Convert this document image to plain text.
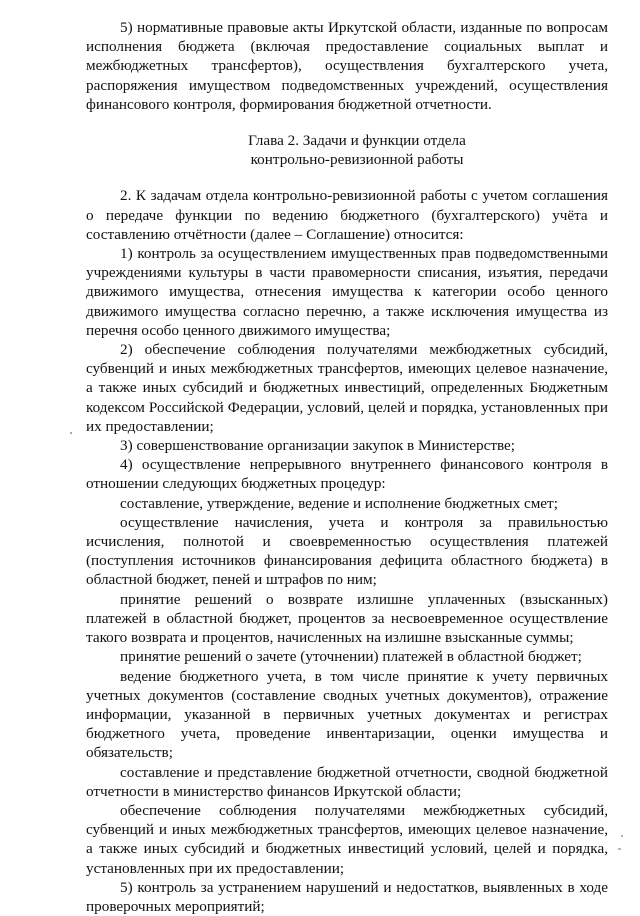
5) нормативные правовые акты Иркутской области, изданные по вопросам исполнения бюджета (включая предоставление социальных выплат и межбюджетных трансфертов), осуществления бухгалтерского учета, распоряжения имуществом подведомственных учреждений, осуществления финансового контроля, формирования бюджетной отчетности.

Глава 2. Задачи и функции отдела
контрольно-ревизионной работы

2. К задачам отдела контрольно-ревизионной работы с учетом соглашения о передаче функции по ведению бюджетного (бухгалтерского) учёта и составлению отчётности (далее – Соглашение) относится:

1) контроль за осуществлением имущественных прав подведомственными учреждениями культуры в части правомерности списания, изъятия, передачи движимого имущества, отнесения имущества к категории особо ценного движимого имущества согласно перечню, а также исключения имущества из перечня особо ценного движимого имущества;

2) обеспечение соблюдения получателями межбюджетных субсидий, субвенций и иных межбюджетных трансфертов, имеющих целевое назначение, а также иных субсидий и бюджетных инвестиций, определенных Бюджетным кодексом Российской Федерации, условий, целей и порядка, установленных при их предоставлении;

3) совершенствование организации закупок в Министерстве;

4) осуществление непрерывного внутреннего финансового контроля в отношении следующих бюджетных процедур:

составление, утверждение, ведение и исполнение бюджетных смет;

осуществление начисления, учета и контроля за правильностью исчисления, полнотой и своевременностью осуществления платежей (поступления источников финансирования дефицита областного бюджета) в областной бюджет, пеней и штрафов по ним;

принятие решений о возврате излишне уплаченных (взысканных) платежей в областной бюджет, процентов за несвоевременное осуществление такого возврата и процентов, начисленных на излишне взысканные суммы;

принятие решений о зачете (уточнении) платежей в областной бюджет;

ведение бюджетного учета, в том числе принятие к учету первичных учетных документов (составление сводных учетных документов), отражение информации, указанной в первичных учетных документах и регистрах бюджетного учета, проведение инвентаризации, оценки имущества и обязательств;

составление и представление бюджетной отчетности, сводной бюджетной отчетности в министерство финансов Иркутской области;

обеспечение соблюдения получателями межбюджетных субсидий, субвенций и иных межбюджетных трансфертов, имеющих целевое назначение, а также иных субсидий и бюджетных инвестиций условий, целей и порядка, установленных при их предоставлении;

5) контроль за устранением нарушений и недостатков, выявленных в ходе проверочных мероприятий;
